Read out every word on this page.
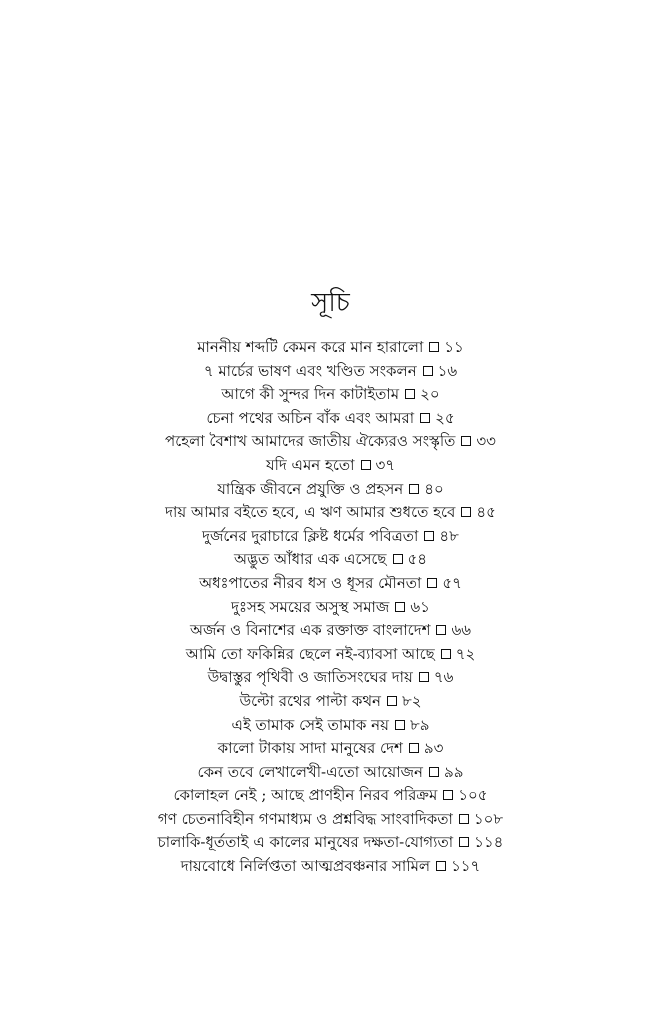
সূচি
মাননীয় শব্দটি কেমন করে মান হারালো ১১
৭ মার্চের ভাষণ এবং খণ্ডিত সংকলন ১৬
আগে কী সুন্দর দিন কাটাইতাম ২০
চেনা পথের অচিন বাঁক এবং আমরা ২৫
পহেলা বৈশাখ আমাদের জাতীয় ঐক্যেরও সংস্কৃতি ৩৩
যদি এমন হতো ৩৭
যান্ত্রিক জীবনে প্রযুক্তি ও প্রহসন ৪০
দায় আমার বইতে হবে, এ ঋণ আমার শুধতে হবে ৪৫
দুর্জনের দুরাচারে ক্লিষ্ট ধর্মের পবিত্রতা ৪৮
অদ্ভুত আঁধার এক এসেছে ৫৪
অধঃপাতের নীরব ধস ও ধূসর মৌনতা ৫৭
দুঃসহ সময়ের অসুস্থ সমাজ ৬১
অর্জন ও বিনাশের এক রক্তাক্ত বাংলাদেশ ৬৬
আমি তো ফকিন্নির ছেলে নই-ব্যাবসা আছে ৭২
উদ্বাস্তুর পৃথিবী ও জাতিসংঘের দায় ৭৬
উল্টো রথের পাল্টা কথন ৮২
এই তামাক সেই তামাক নয় ৮৯
কালো টাকায় সাদা মানুষের দেশ ৯৩
কেন তবে লেখালেখী-এতো আয়োজন ৯৯
কোলাহল নেই ; আছে প্রাণহীন নিরব পরিক্রম ১০৫
গণ চেতনাবিহীন গণমাধ্যম ও প্রশ্নবিদ্ধ সাংবাদিকতা ১০৮
চালাকি-ধূর্ততাই এ কালের মানুষের দক্ষতা-যোগ্যতা ১১৪
দায়বোধে নির্লিপ্ততা আত্মপ্রবঞ্চনার সামিল ১১৭
